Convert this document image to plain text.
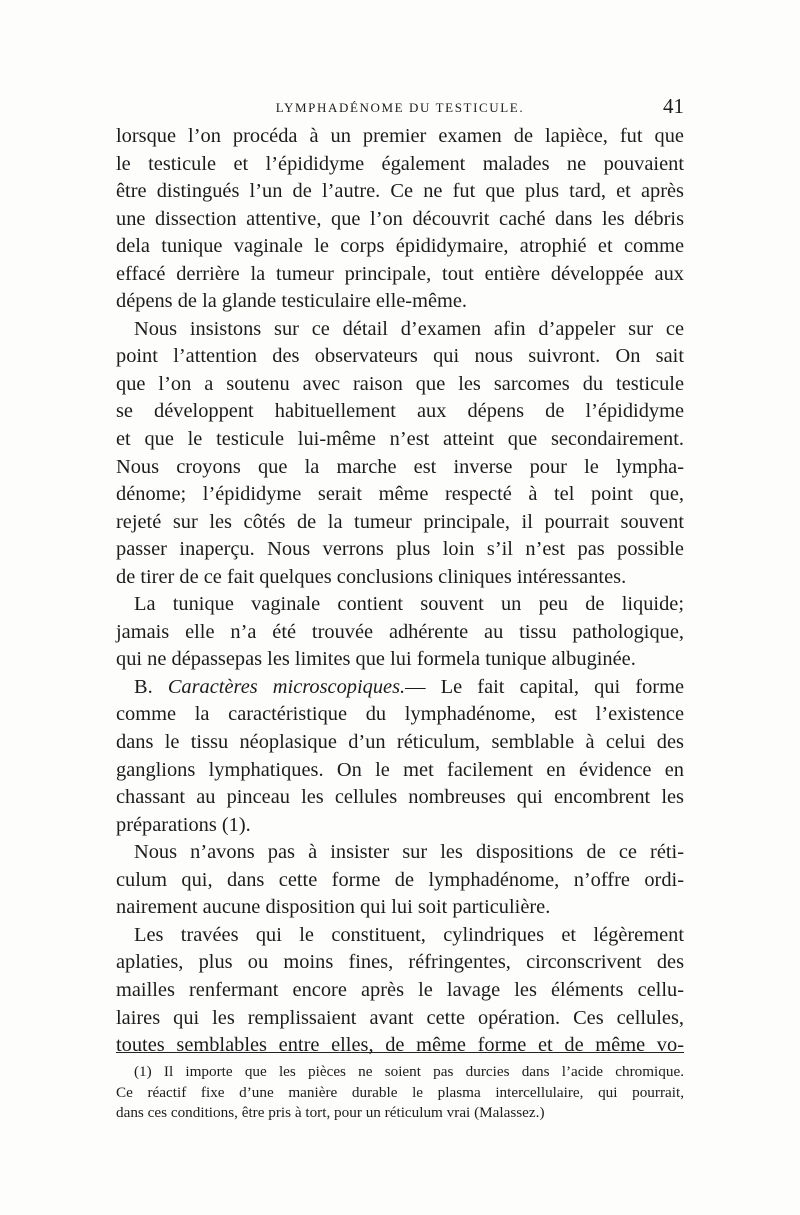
LYMPHADÉNOME DU TESTICULE.	41
lorsque l’on procéda à un premier examen de lapièce, fut que
le testicule et l’épididyme également malades ne pouvaient
être distingués l’un de l’autre. Ce ne fut que plus tard, et après
une dissection attentive, que l’on découvrit caché dans les débris
dela tunique vaginale le corps épididymaire, atrophié et comme
effacé derrière la tumeur principale, tout entière développée aux
dépens de la glande testiculaire elle-même.
Nous insistons sur ce détail d’examen afin d’appeler sur ce
point l’attention des observateurs qui nous suivront. On sait
que l’on a soutenu avec raison que les sarcomes du testicule
se développent habituellement aux dépens de l’épididyme
et que le testicule lui-même n’est atteint que secondairement.
Nous croyons que la marche est inverse pour le lympha-
dénome; l’épididyme serait même respecté à tel point que,
rejeté sur les côtés de la tumeur principale, il pourrait souvent
passer inaperçu. Nous verrons plus loin s’il n’est pas possible
de tirer de ce fait quelques conclusions cliniques intéressantes.
La tunique vaginale contient souvent un peu de liquide;
jamais elle n’a été trouvée adhérente au tissu pathologique,
qui ne dépassepas les limites que lui formela tunique albuginée.
B. Caractères microscopiques.— Le fait capital, qui forme
comme la caractéristique du lymphadénome, est l’existence
dans le tissu néoplasique d’un réticulum, semblable à celui des
ganglions lymphatiques. On le met facilement en évidence en
chassant au pinceau les cellules nombreuses qui encombrent les
préparations (1).
Nous n’avons pas à insister sur les dispositions de ce réti-
culum qui, dans cette forme de lymphadénome, n’offre ordi-
nairement aucune disposition qui lui soit particulière.
Les travées qui le constituent, cylindriques et légèrement
aplaties, plus ou moins fines, réfringentes, circonscrivent des
mailles renfermant encore après le lavage les éléments cellu-
laires qui les remplissaient avant cette opération. Ces cellules,
toutes semblables entre elles, de même forme et de même vo-
(1) Il importe que les pièces ne soient pas durcies dans l’acide chromique.
Ce réactif fixe d’une manière durable le plasma intercellulaire, qui pourrait,
dans ces conditions, être pris à tort, pour un réticulum vrai (Malassez.)
